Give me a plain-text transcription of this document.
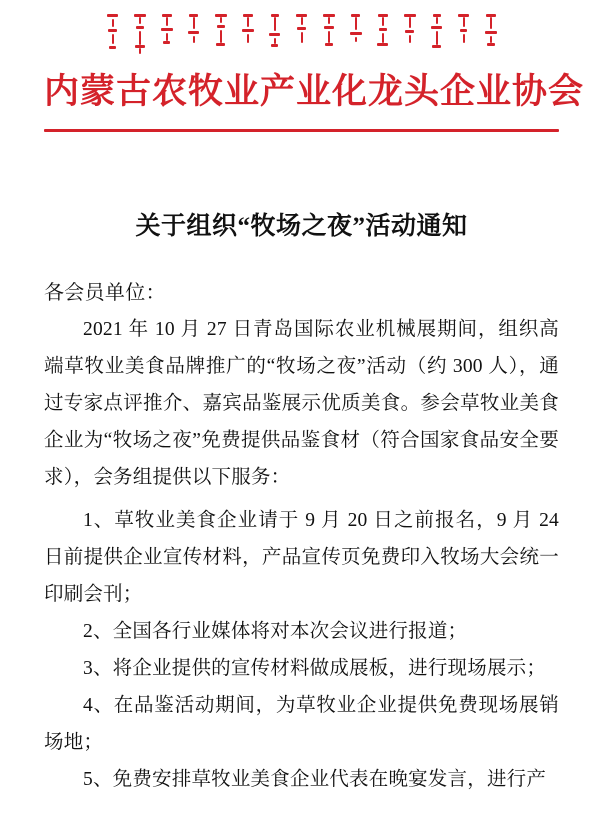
内蒙古农牧业产业化龙头企业协会
关于组织“牧场之夜”活动通知
各会员单位：

2021 年 10 月 27 日青岛国际农业机械展期间，组织高端草牧业美食品牌推广的“牧场之夜”活动（约 300 人），通过专家点评推介、嘉宾品鉴展示优质美食。参会草牧业美食企业为“牧场之夜”免费提供品鉴食材（符合国家食品安全要求），会务组提供以下服务：

1、草牧业美食企业请于 9 月 20 日之前报名，9 月 24 日前提供企业宣传材料，产品宣传页免费印入牧场大会统一印刷会刊；

2、全国各行业媒体将对本次会议进行报道；

3、将企业提供的宣传材料做成展板，进行现场展示；

4、在品鉴活动期间，为草牧业企业提供免费现场展销场地；

5、免费安排草牧业美食企业代表在晚宴发言，进行产
